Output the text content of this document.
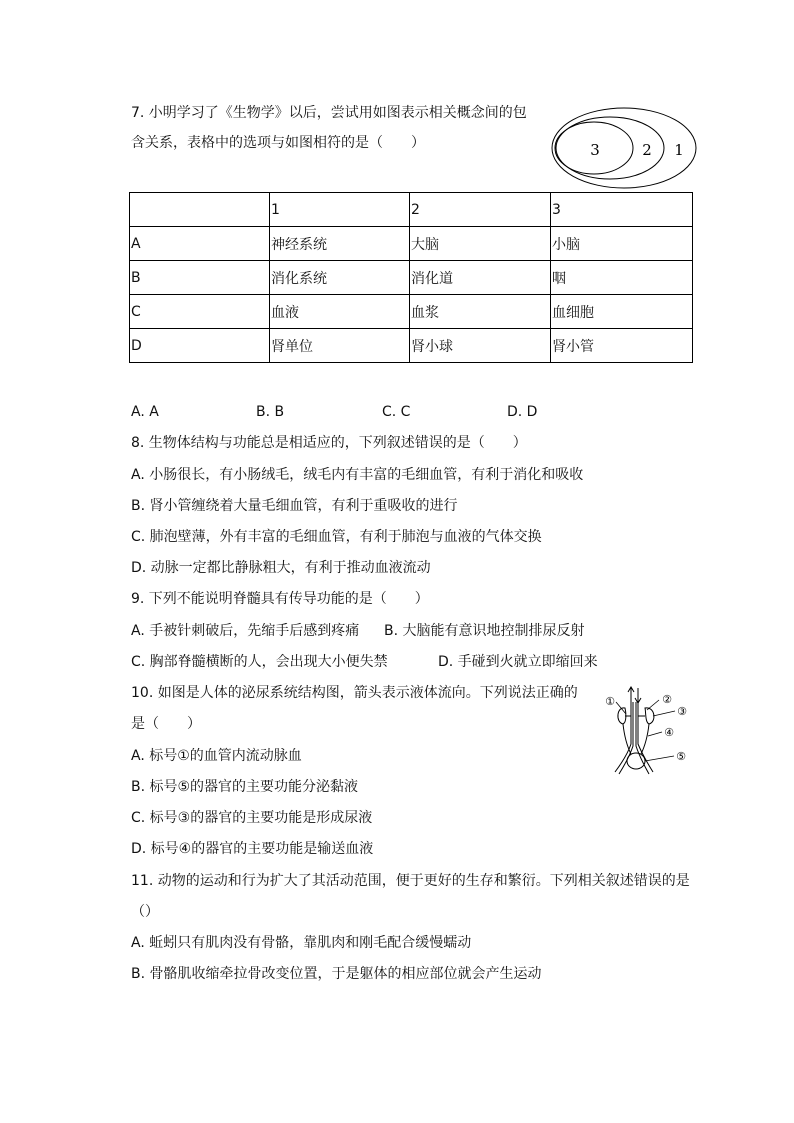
7. 小明学习了《生物学》以后，尝试用如图表示相关概念间的包
含关系，表格中的选项与如图相符的是（　　）	3	2 1
	1	2	3
A	神经系统	大脑	小脑
B	消化系统	消化道	咽
C	血液	血浆	血细胞
D	肾单位	肾小球	肾小管
A. A	B. B	C. C	D. D
8. 生物体结构与功能总是相适应的，下列叙述错误的是（　　）
A. 小肠很长，有小肠绒毛，绒毛内有丰富的毛细血管，有利于消化和吸收
B. 肾小管缠绕着大量毛细血管，有利于重吸收的进行
C. 肺泡壁薄，外有丰富的毛细血管，有利于肺泡与血液的气体交换
D. 动脉一定都比静脉粗大，有利于推动血液流动
9. 下列不能说明脊髓具有传导功能的是（　　）
A. 手被针刺破后，先缩手后感到疼痛 B. 大脑能有意识地控制排尿反射
C. 胸部脊髓横断的人，会出现大小便失禁	D. 手碰到火就立即缩回来
10. 如图是人体的泌尿系统结构图，箭头表示液体流向。下列说法正确的
是（　　）
A. 标号①的血管内流动脉血
B. 标号⑤的器官的主要功能分泌黏液
C. 标号③的器官的主要功能是形成尿液
D. 标号④的器官的主要功能是输送血液
①	②
③
④
⑤
11. 动物的运动和行为扩大了其活动范围，便于更好的生存和繁衍。下列相关叙述错误的是
（）
A. 蚯蚓只有肌肉没有骨骼，靠肌肉和刚毛配合缓慢蠕动
B. 骨骼肌收缩牵拉骨改变位置，于是躯体的相应部位就会产生运动
